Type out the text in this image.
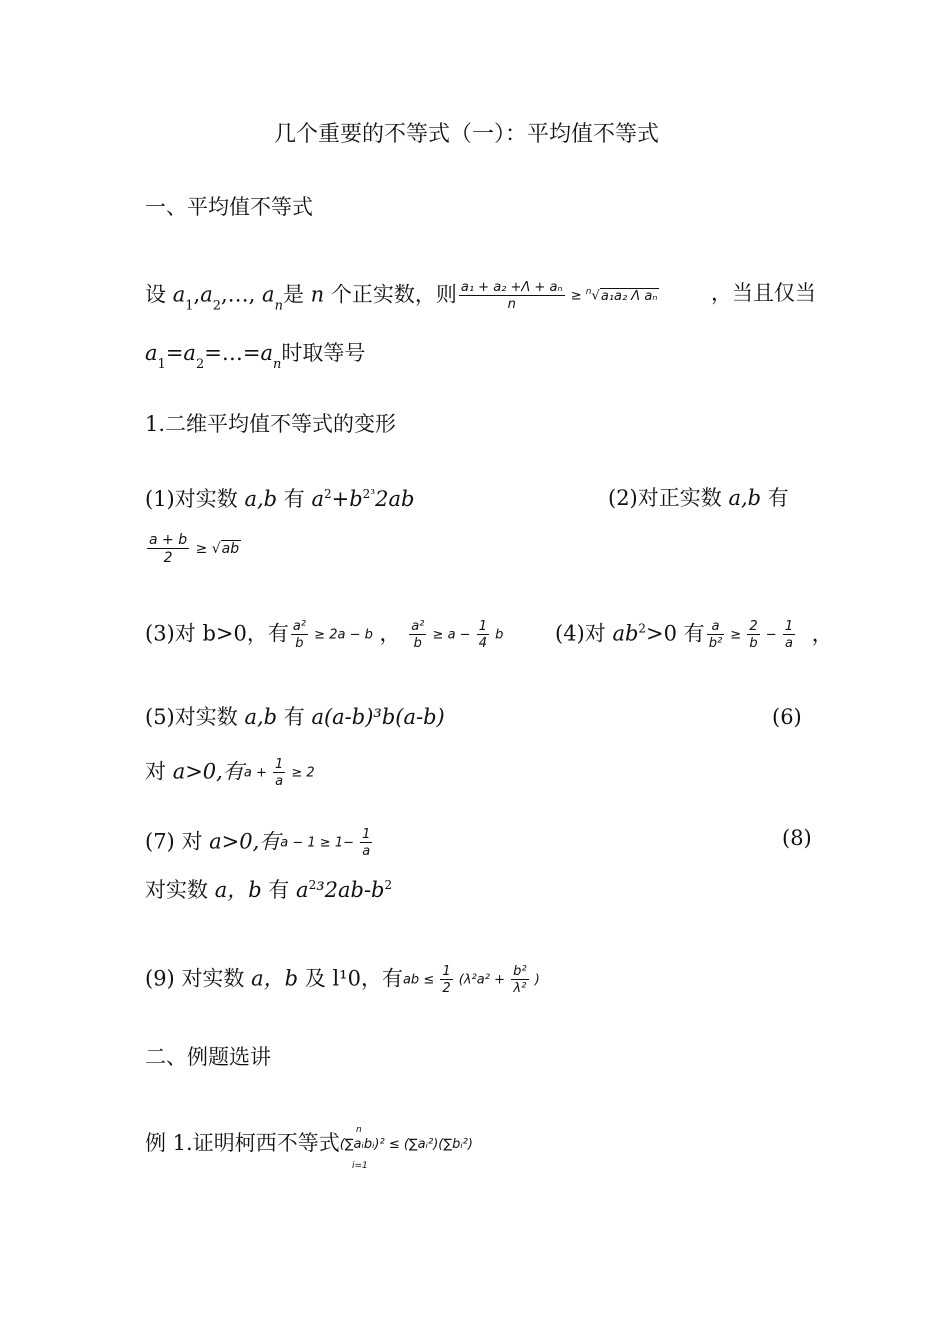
几个重要的不等式（一）：平均值不等式
一、平均值不等式
设 $a_1,a_2,\dots$, $a_n$是 n 个正实数，则 $\frac{\text{a₁ + a₂ +Λ + aₙ}}{n} \ge ^n√a_1a_2$ Λ aₙ	，当且仅当
$a_1=a_2=\dots=a_n$时取等号
1.二维平均值不等式的变形
(1)对实数 a,b 有 $a^2+b^{2^3}2ab$	(2)对正实数 a,b 有
$\frac{a + b}{2} \ge √ab$
(3)对 b>0，有 $\frac{\text{a²}}{b} \ge 2a - b$ ， $\frac{\text{a²}}{b} \ge a - \frac{1}{4}$ b (4)对 $ab^2>0$ 有 $\frac{a}{\text{b²}} \ge \frac{2}{b} - \frac{1}{a}$ ，
(5)对实数 a,b 有 a(a-b)³b(a-b)	(6)
对 a>0,有$a + \frac{1}{a} \ge 2$
(7) 对 a>0,有$a - 1 \ge 1- \frac{1}{a}$	(8)
对实数 a，b 有 $a^2^32ab-b^2$
(9) 对实数 a，b 及 l¹0，有ab ≤ $\frac{1}{2} (\lambda^2a^2 + \frac{\text{b²}}{\text{λ²}}$ )
二、例题选讲
例 1.证明柯西不等式(∑aᵢbᵢ)² ≤ (∑aᵢ²)(∑bᵢ²)
n
i=1
